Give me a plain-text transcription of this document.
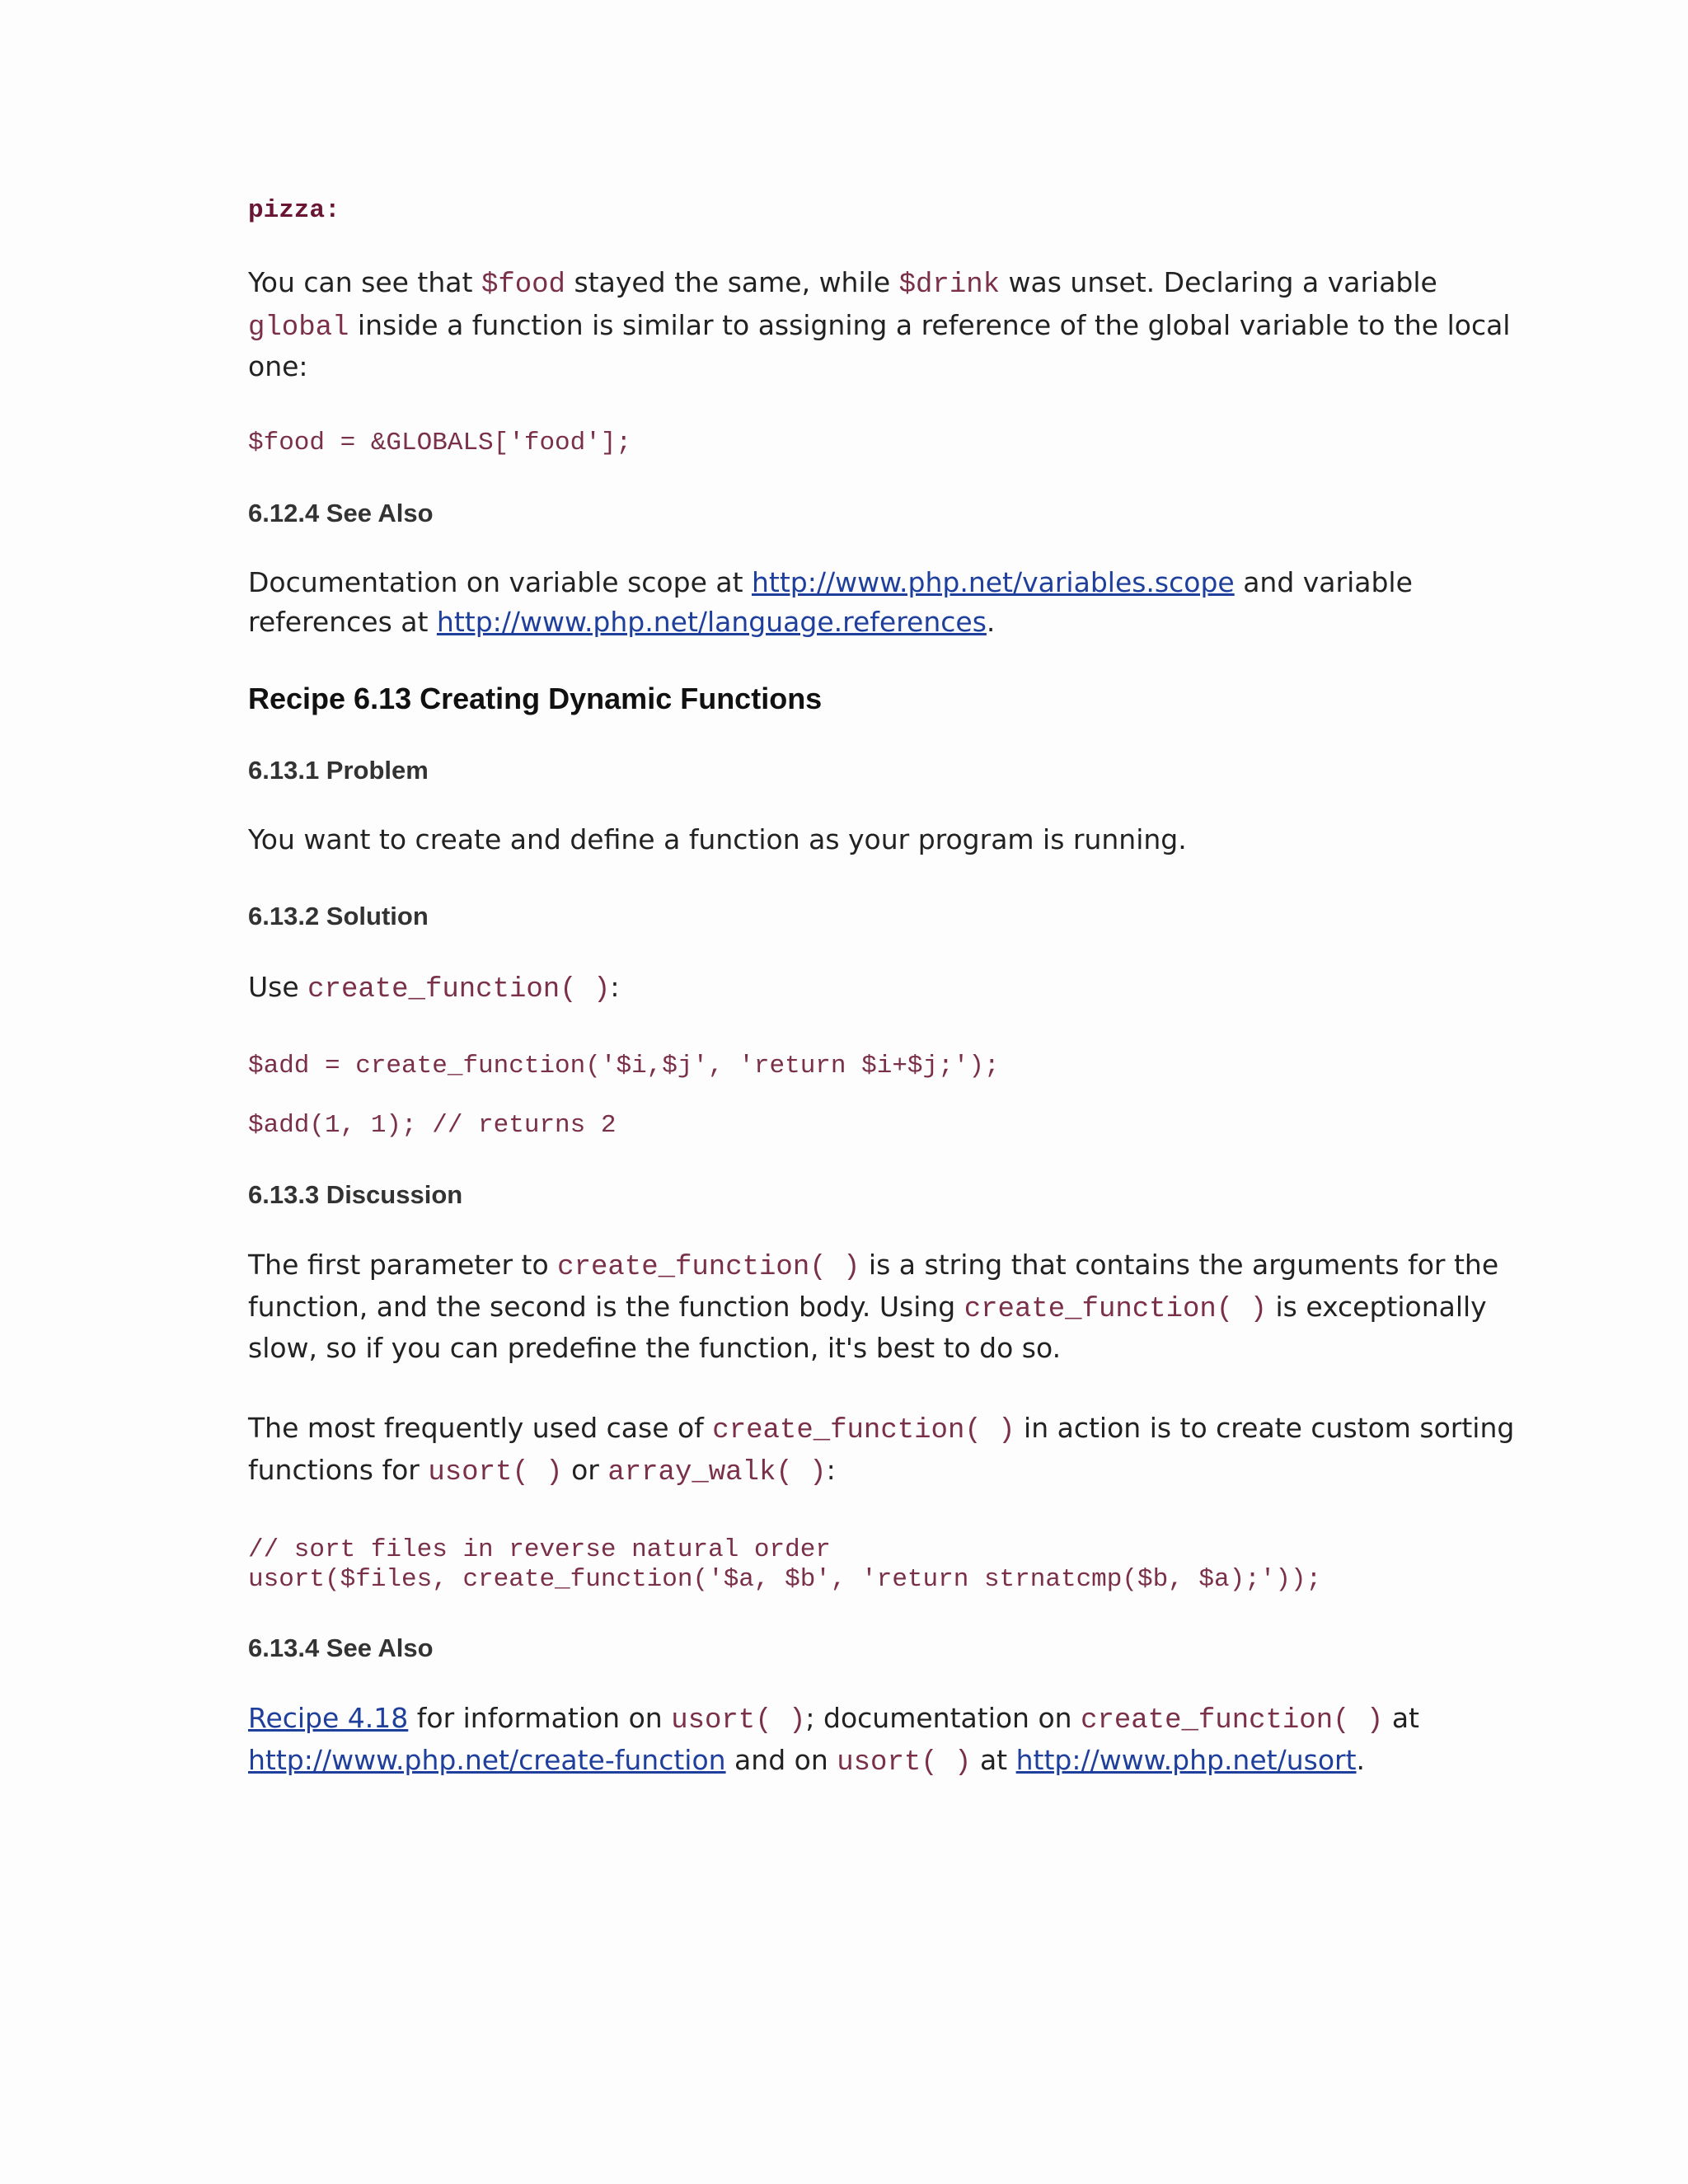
pizza:
You can see that $food stayed the same, while $drink was unset. Declaring a variable
global inside a function is similar to assigning a reference of the global variable to the local
one:
$food = &GLOBALS['food'];
6.12.4 See Also
Documentation on variable scope at http://www.php.net/variables.scope and variable
references at http://www.php.net/language.references.
Recipe 6.13 Creating Dynamic Functions
6.13.1 Problem
You want to create and define a function as your program is running.
6.13.2 Solution
Use create_function( ):
$add = create_function('$i,$j', 'return $i+$j;');
$add(1, 1); // returns 2
6.13.3 Discussion
The first parameter to create_function( ) is a string that contains the arguments for the
function, and the second is the function body. Using create_function( ) is exceptionally
slow, so if you can predefine the function, it's best to do so.
The most frequently used case of create_function( ) in action is to create custom sorting
functions for usort( ) or array_walk( ):
// sort files in reverse natural order
usort($files, create_function('$a, $b', 'return strnatcmp($b, $a);'));
6.13.4 See Also
Recipe 4.18 for information on usort( ); documentation on create_function( ) at
http://www.php.net/create-function and on usort( ) at http://www.php.net/usort.
